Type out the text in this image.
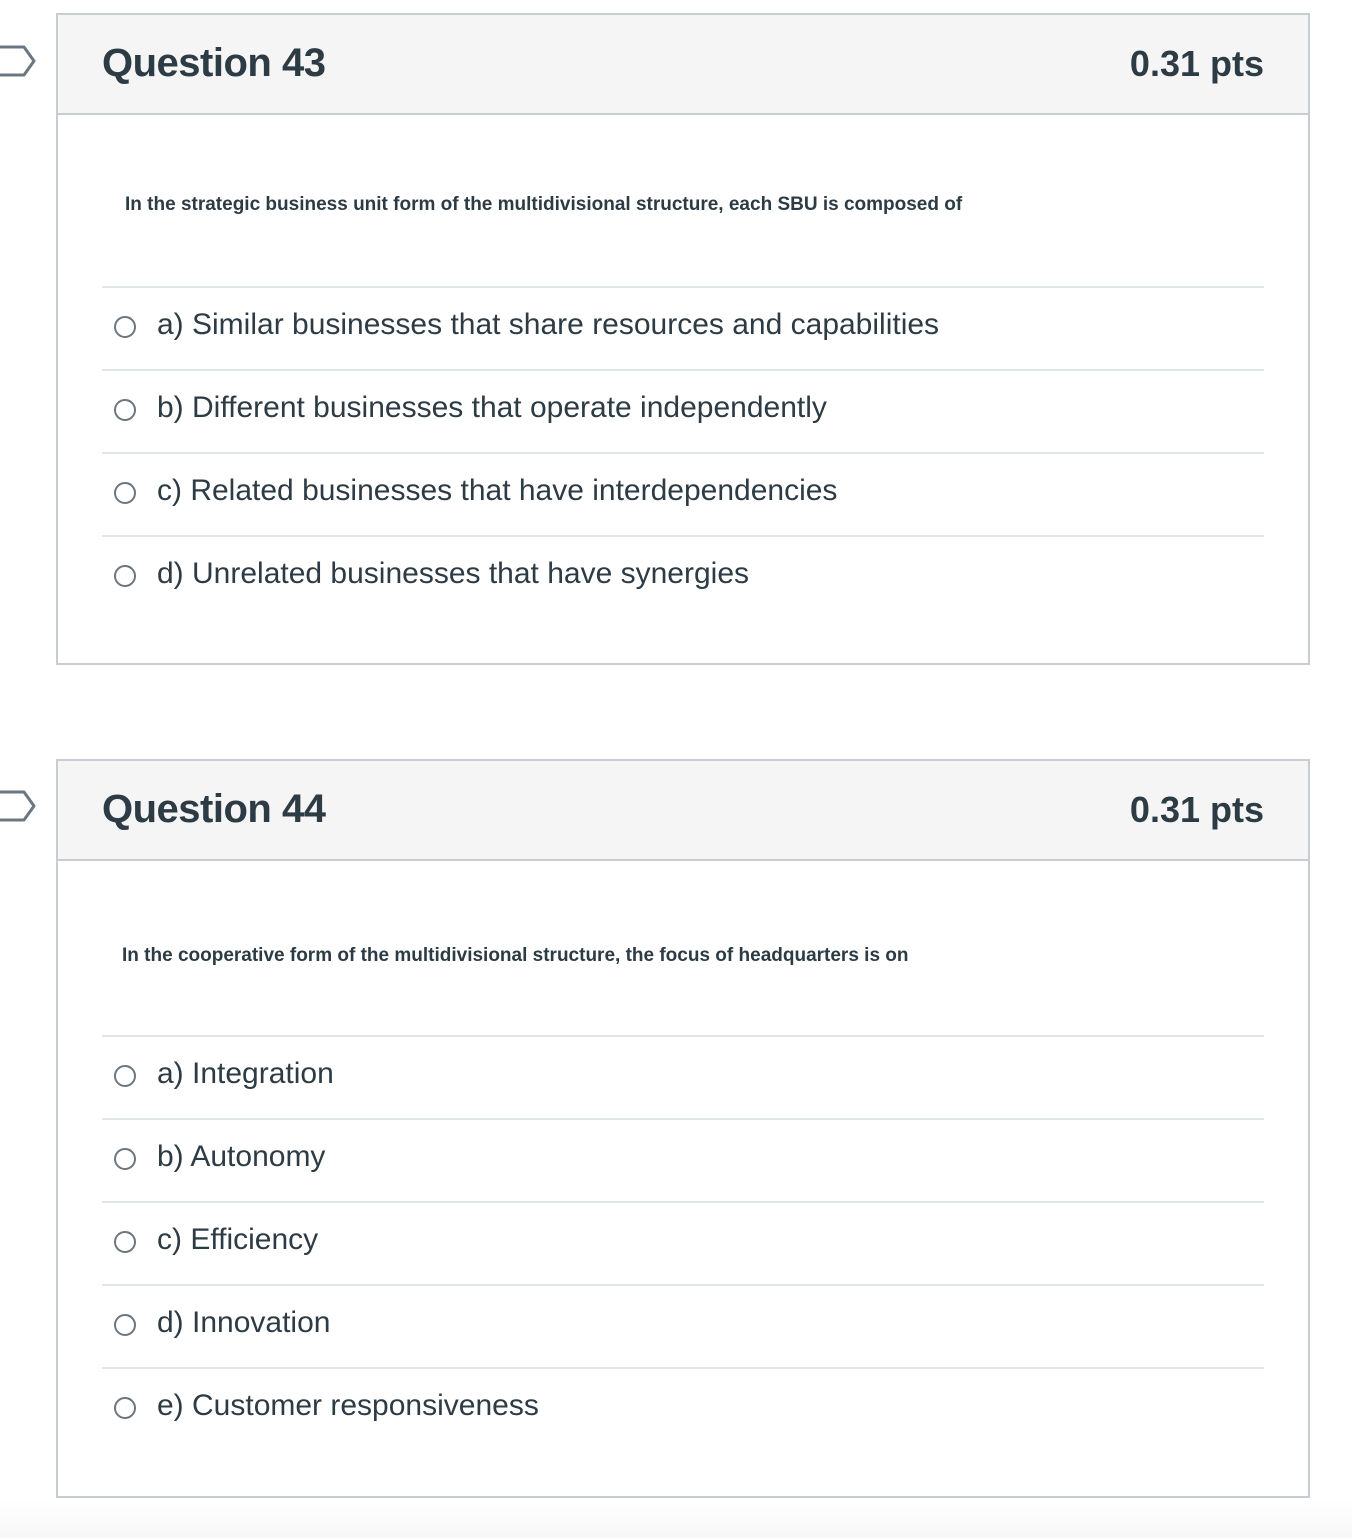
Question 43	0.31 pts
In the strategic business unit form of the multidivisional structure, each SBU is composed of
a) Similar businesses that share resources and capabilities
b) Different businesses that operate independently
c) Related businesses that have interdependencies
d) Unrelated businesses that have synergies
Question 44	0.31 pts
In the cooperative form of the multidivisional structure, the focus of headquarters is on
a) Integration
b) Autonomy
c) Efficiency
d) Innovation
e) Customer responsiveness
